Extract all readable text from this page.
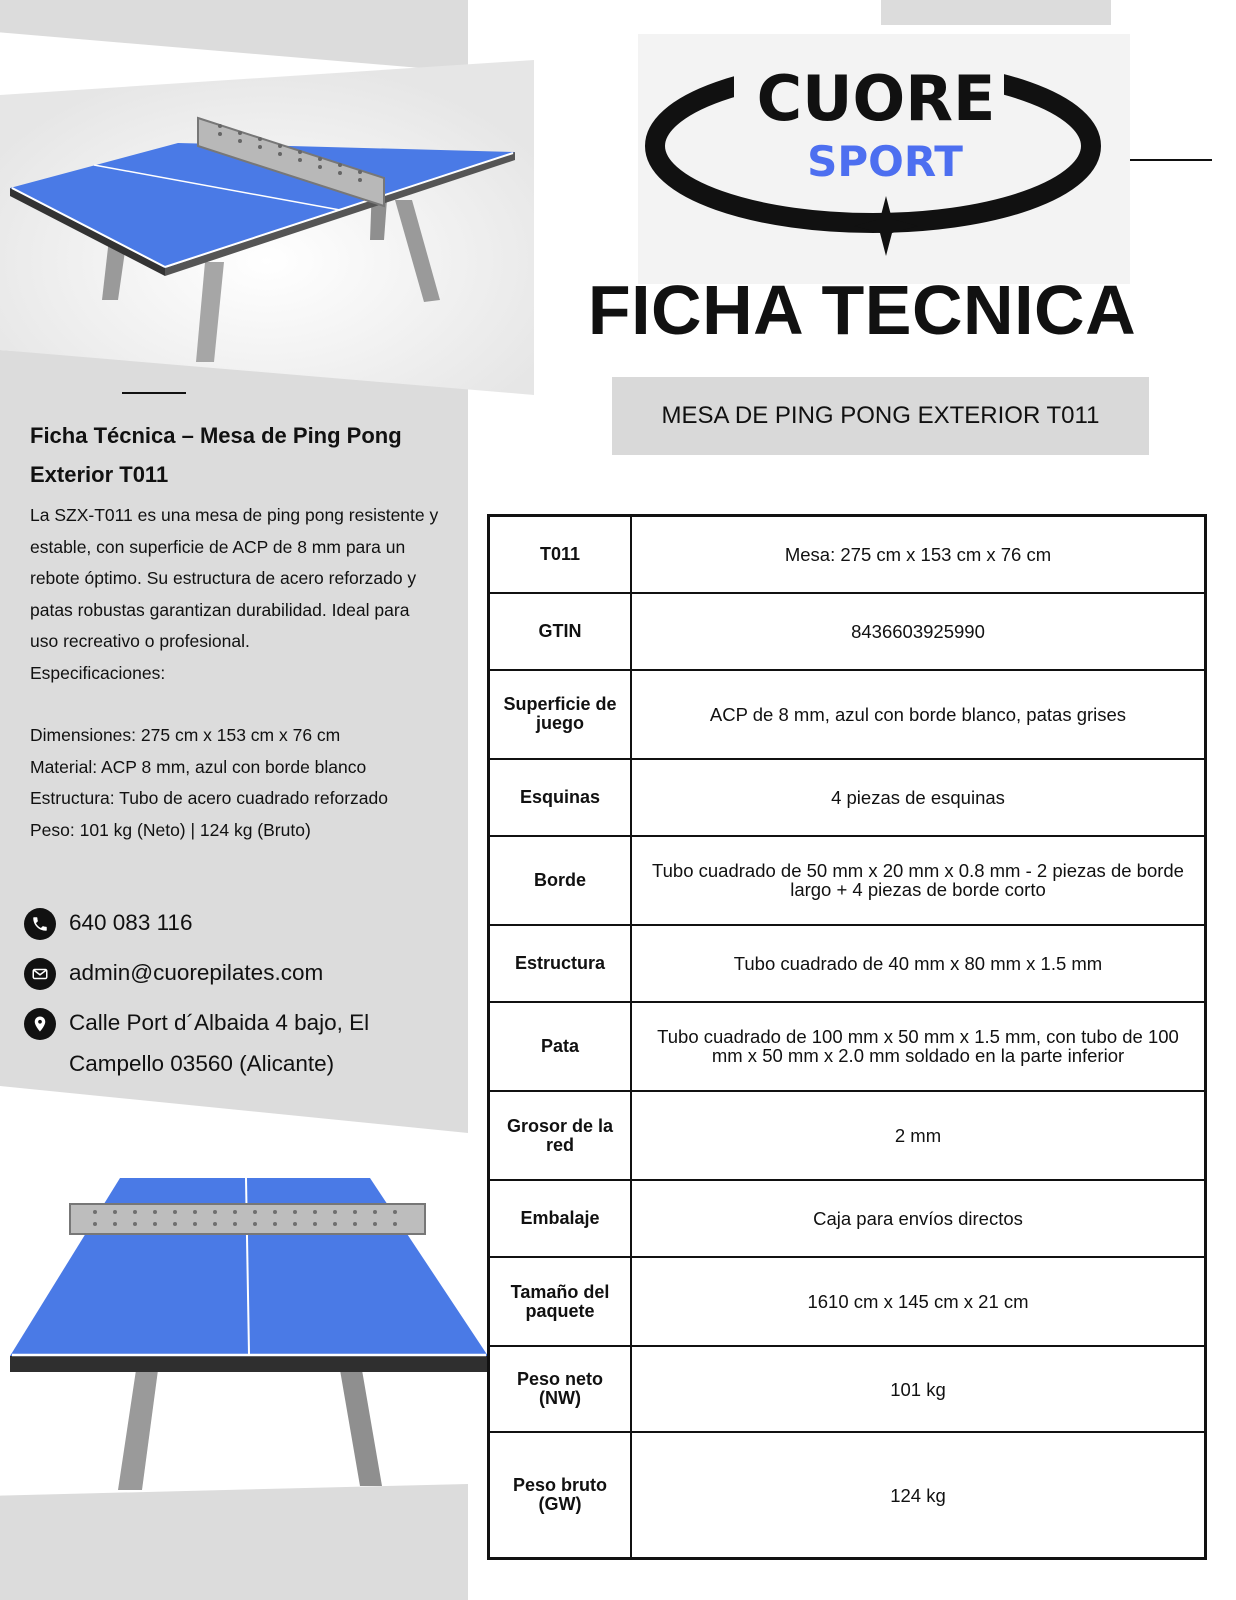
CUORE
SPORT
FICHA TECNICA
MESA DE PING PONG EXTERIOR T011
Ficha Técnica – Mesa de Ping Pong Exterior T011

La SZX-T011 es una mesa de ping pong resistente y estable, con superficie de ACP de 8 mm para un rebote óptimo. Su estructura de acero reforzado y patas robustas garantizan durabilidad. Ideal para uso recreativo o profesional.

Especificaciones:

Dimensiones: 275 cm x 153 cm x 76 cm

Material: ACP 8 mm, azul con borde blanco

Estructura: Tubo de acero cuadrado reforzado

Peso: 101 kg (Neto) | 124 kg (Bruto)

640 083 116
admin@cuorepilates.com
Calle Port d´Albaida 4 bajo, El Campello 03560 (Alicante)
T011	Mesa: 275 cm x 153 cm x 76 cm
GTIN	8436603925990
Superficie de juego	ACP de 8 mm, azul con borde blanco, patas grises
Esquinas	4 piezas de esquinas
Borde	Tubo cuadrado de 50 mm x 20 mm x 0.8 mm - 2 piezas de borde largo + 4 piezas de borde corto
Estructura	Tubo cuadrado de 40 mm x 80 mm x 1.5 mm
Pata	Tubo cuadrado de 100 mm x 50 mm x 1.5 mm, con tubo de 100 mm x 50 mm x 2.0 mm soldado en la parte inferior
Grosor de la red	2 mm
Embalaje	Caja para envíos directos
Tamaño del paquete	1610 cm x 145 cm x 21 cm
Peso neto (NW)	101 kg
Peso bruto (GW)	124 kg
